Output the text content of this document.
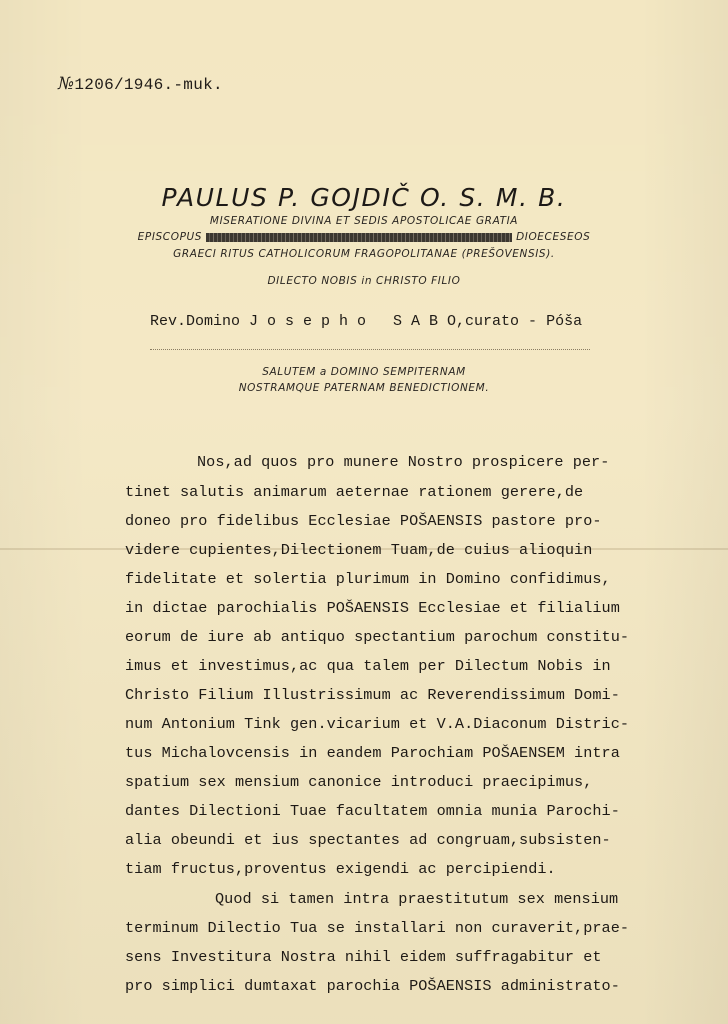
№1206/1946.-muk.
PAULUS P. GOJDIČ O. S. M. B.
MISERATIONE DIVINA ET SEDIS APOSTOLICAE GRATIA
EPISCOPUS	DIOECESEOS
GRAECI RITUS CATHOLICORUM FRAGOPOLITANAE (PREŠOVENSIS).
DILECTO NOBIS in CHRISTO FILIO
Rev.Domino J o s e p h o   S A B O,curato - Póša
SALUTEM a DOMINO SEMPITERNAM
NOSTRAMQUE PATERNAM BENEDICTIONEM.
Nos,ad quos pro munere Nostro prospicere per-
tinet salutis animarum aeternae rationem gerere,de
doneo pro fidelibus Ecclesiae POŠAENSIS pastore pro-
videre cupientes,Dilectionem Tuam,de cuius alioquin
fidelitate et solertia plurimum in Domino confidimus,
in dictae parochialis POŠAENSIS Ecclesiae et filialium
eorum de iure ab antiquo spectantium parochum constitu-
imus et investimus,ac qua talem per Dilectum Nobis in
Christo Filium Illustrissimum ac Reverendissimum Domi-
num Antonium Tink gen.vicarium et V.A.Diaconum Distric-
tus Michalovcensis in eandem Parochiam POŠAENSEM intra
spatium sex mensium canonice introduci praecipimus,
dantes Dilectioni Tuae facultatem omnia munia Parochi-
alia obeundi et ius spectantes ad congruam,subsisten-
tiam fructus,proventus exigendi ac percipiendi.
Quod si tamen intra praestitutum sex mensium
terminum Dilectio Tua se installari non curaverit,prae-
sens Investitura Nostra nihil eidem suffragabitur et
pro simplici dumtaxat parochia POŠAENSIS administrato-
